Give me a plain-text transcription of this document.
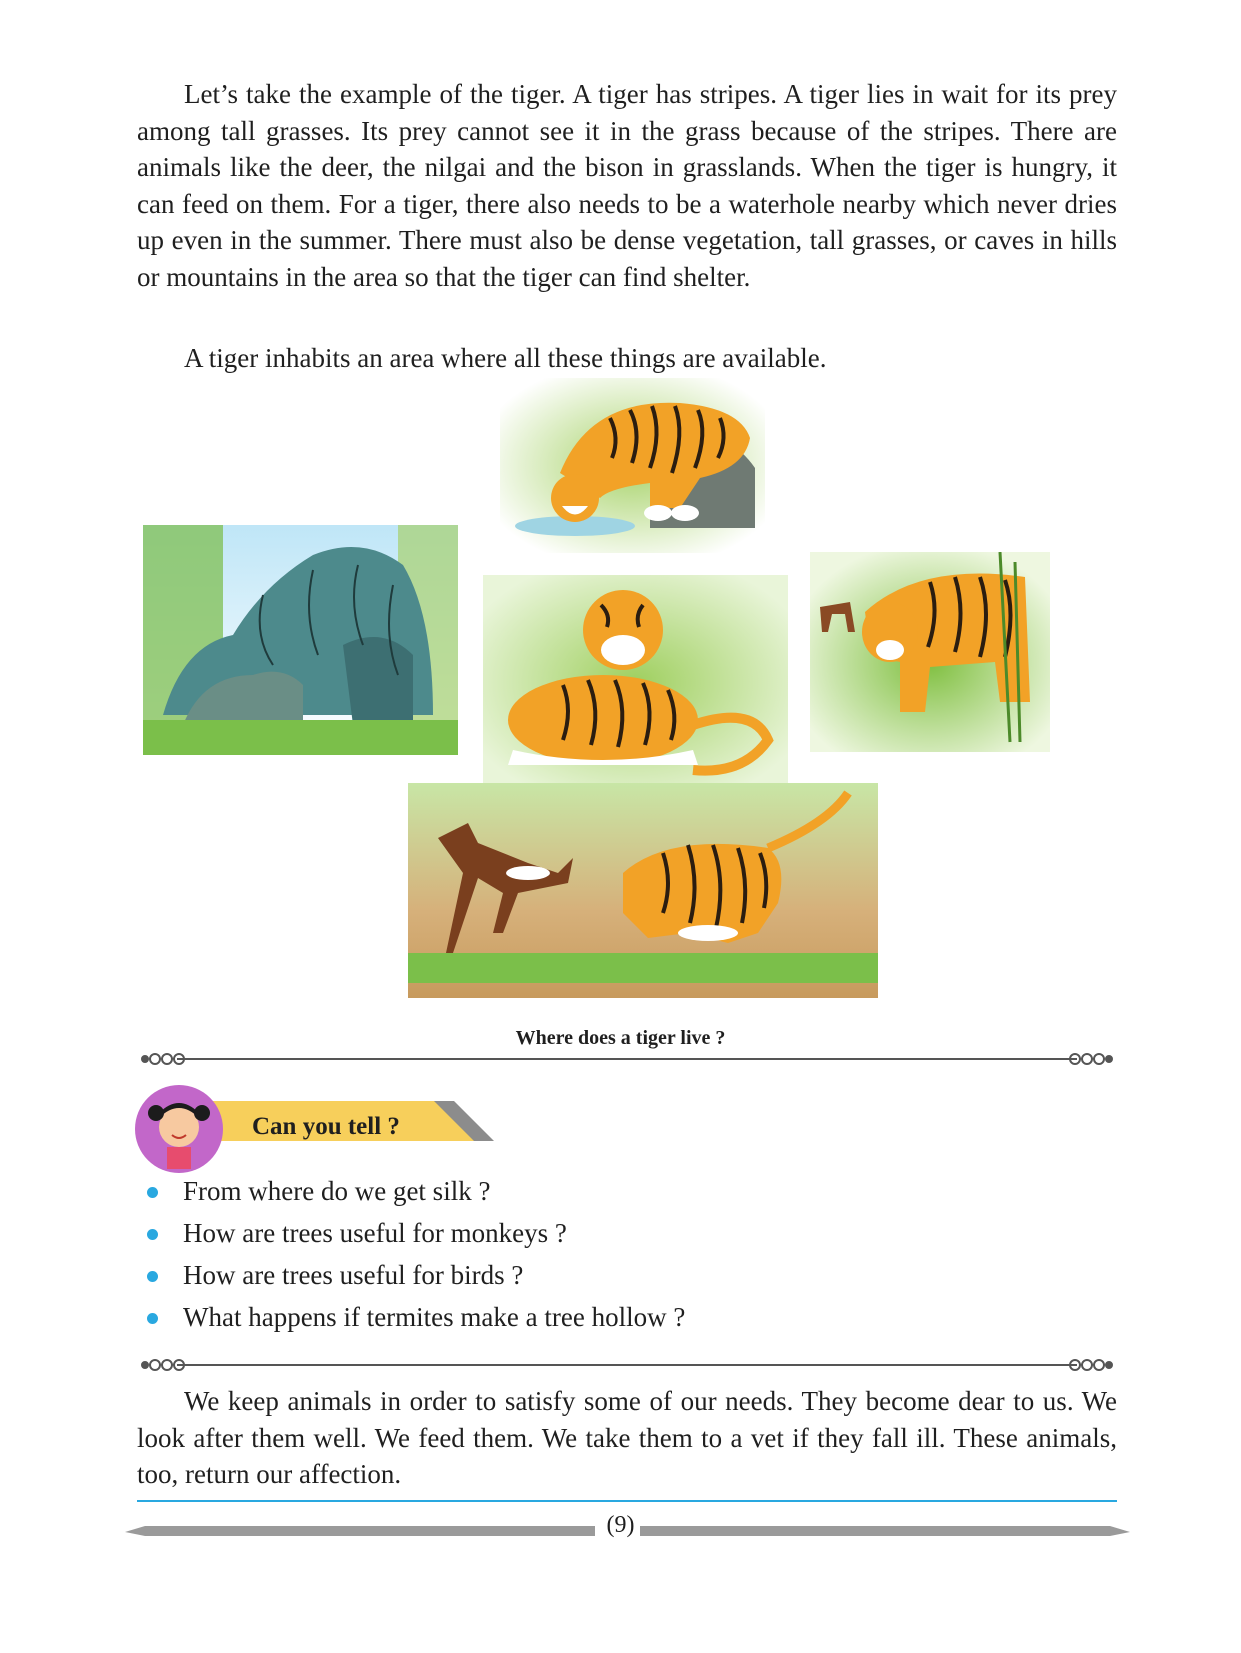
Let’s take the example of the tiger. A tiger has stripes. A tiger lies in wait for its prey among tall grasses. Its prey cannot see it in the grass because of the stripes. There are animals like the deer, the nilgai and the bison in grasslands. When the tiger is hungry, it can feed on them. For a tiger, there also needs to be a waterhole nearby which never dries up even in the summer. There must also be dense vegetation, tall grasses, or caves in hills or mountains in the area so that the tiger can find shelter.

A tiger inhabits an area where all these things are available.

Where does a tiger live ?
Can you tell ?
From where do we get silk ?
How are trees useful for monkeys ?
How are trees useful for birds ?
What happens if termites make a tree hollow ?

We keep animals in order to satisfy some of our needs. They become dear to us. We look after them well. We feed them. We take them to a vet if they fall ill. These animals, too, return our affection.

(9)
